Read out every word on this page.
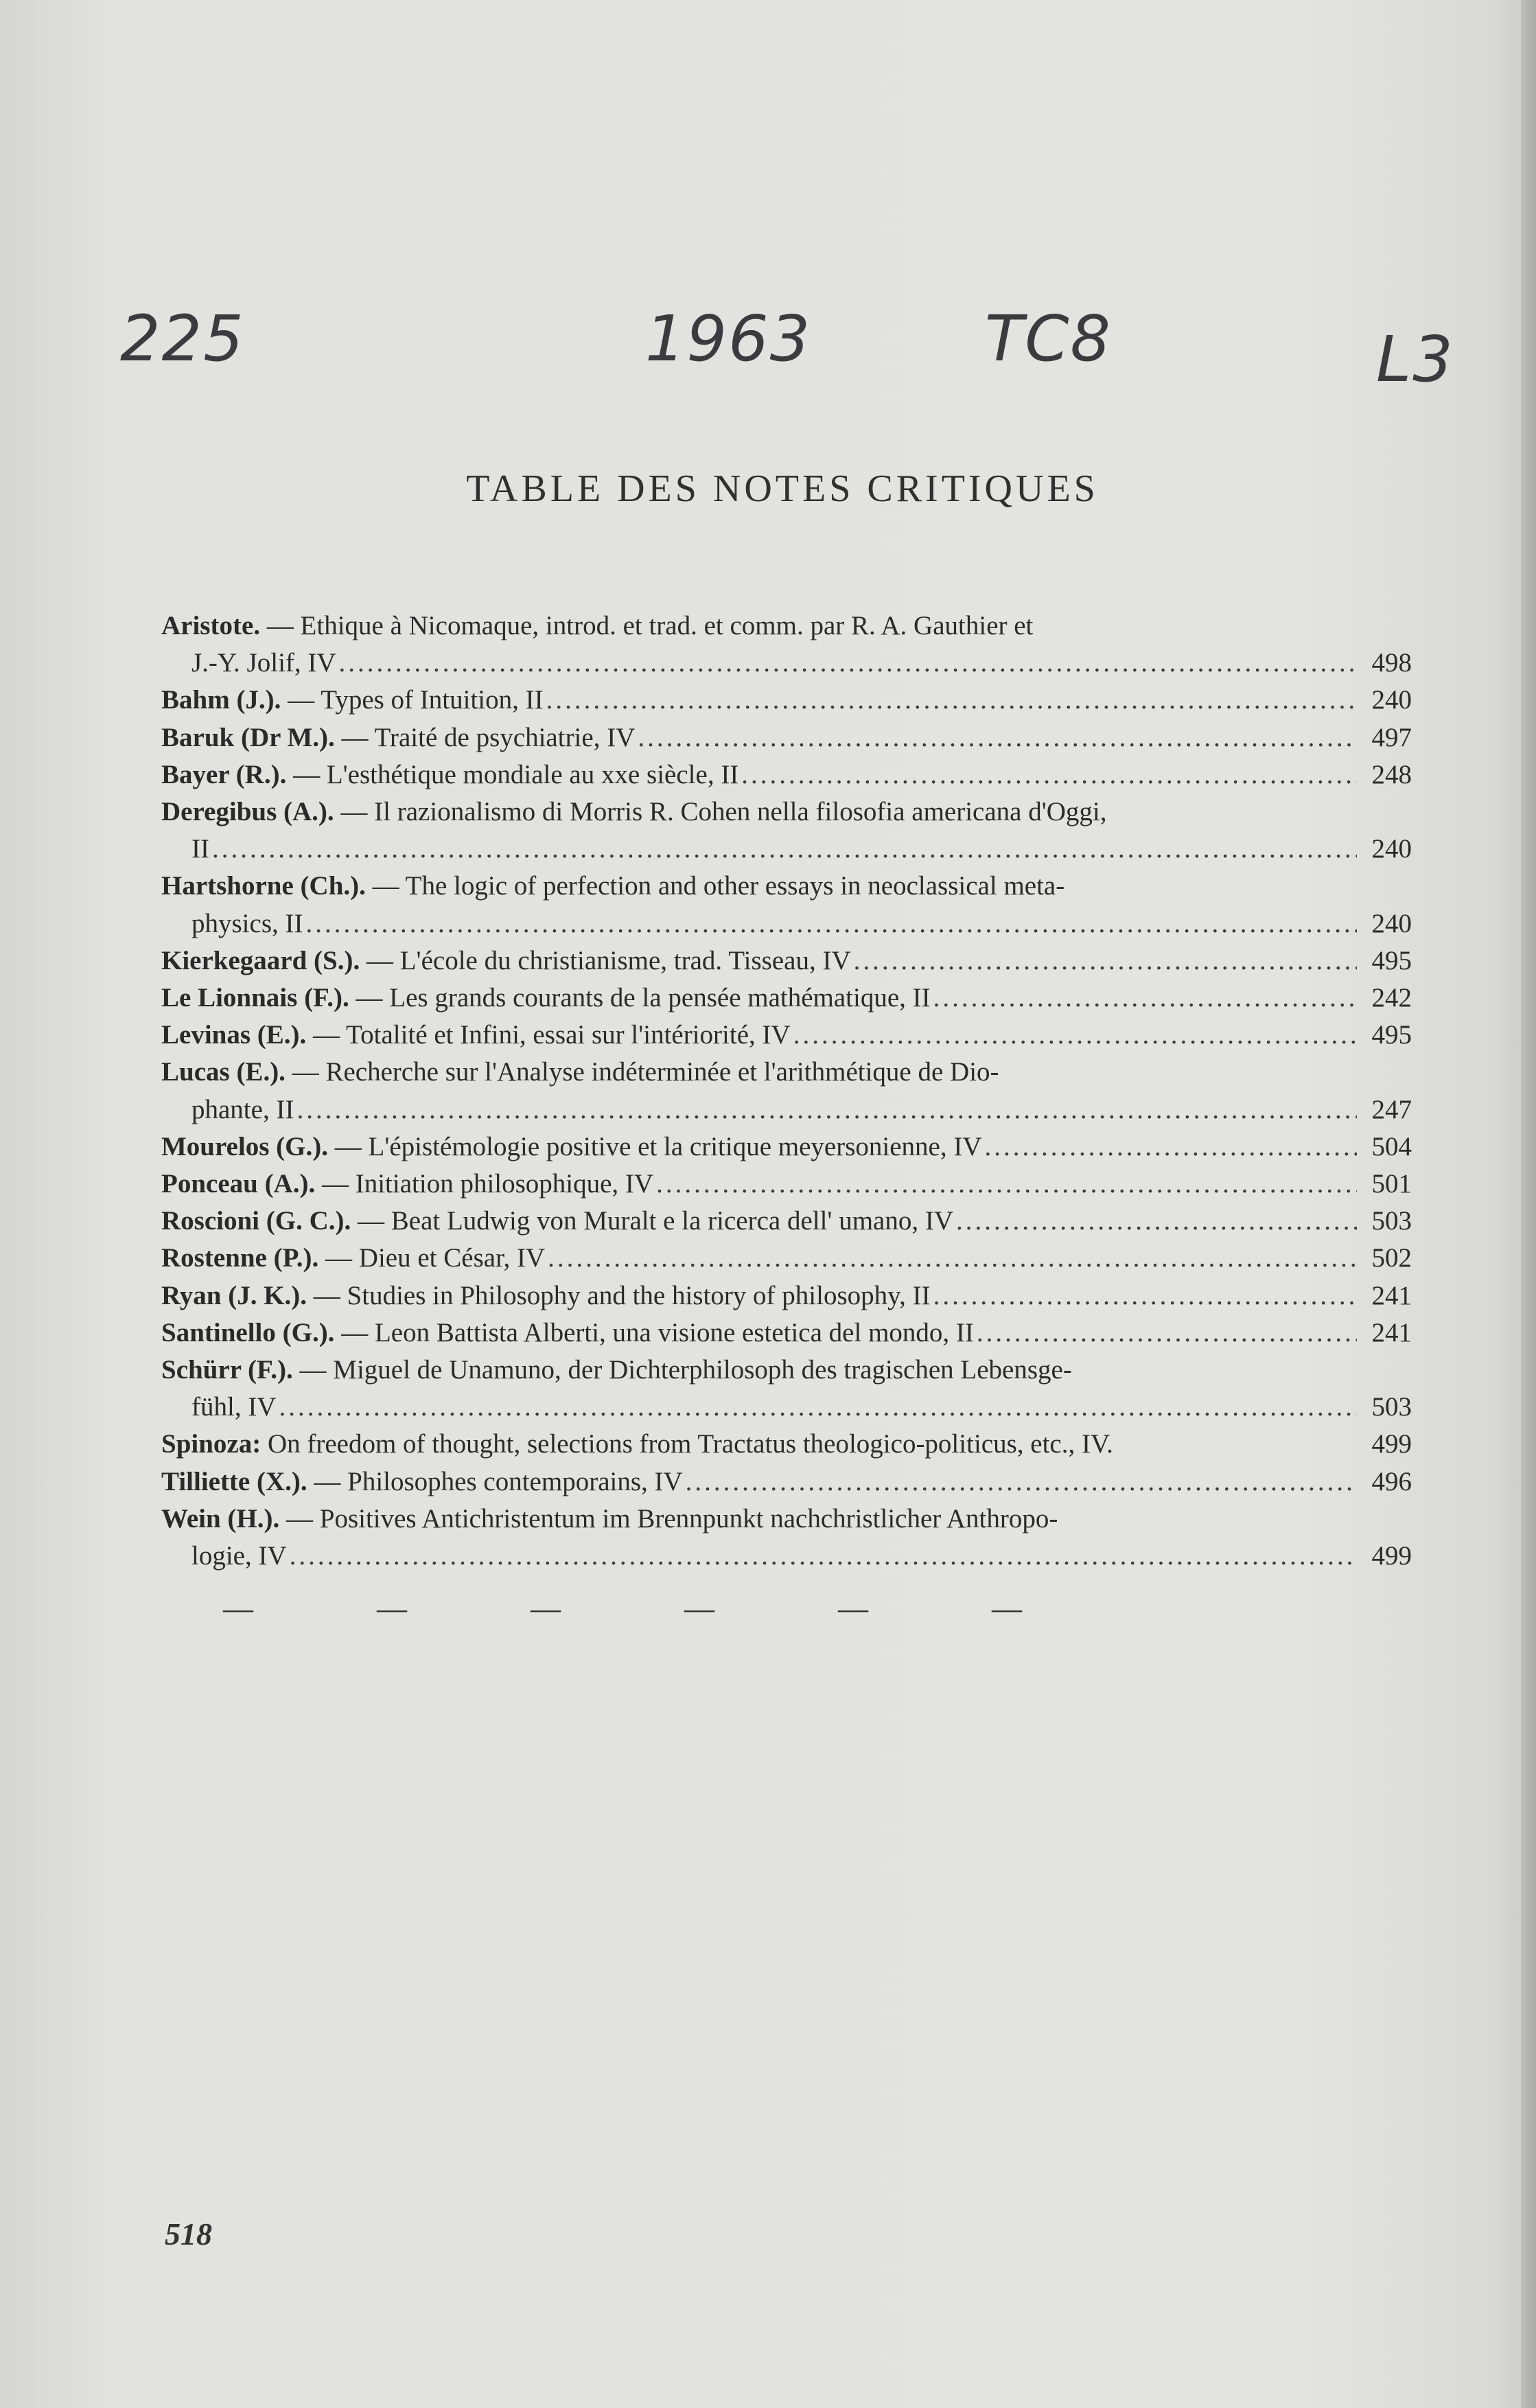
225	1963	TC8	L3
TABLE DES NOTES CRITIQUES
Aristote. — Ethique à Nicomaque, introd. et trad. et comm. par R. A. Gauthier et
J.-Y. Jolif, IV .....	498
Bahm (J.). — Types of Intuition, II .....	240
Baruk (Dr M.). — Traité de psychiatrie, IV .....	497
Bayer (R.). — L'esthétique mondiale au xxe siècle, II .....	248
Deregibus (A.). — Il razionalismo di Morris R. Cohen nella filosofia americana d'Oggi,
II .....	240
Hartshorne (Ch.). — The logic of perfection and other essays in neoclassical meta-
physics, II .....	240
Kierkegaard (S.). — L'école du christianisme, trad. Tisseau, IV .....	495
Le Lionnais (F.). — Les grands courants de la pensée mathématique, II .....	242
Levinas (E.). — Totalité et Infini, essai sur l'intériorité, IV .....	495
Lucas (E.). — Recherche sur l'Analyse indéterminée et l'arithmétique de Dio-
phante, II .....	247
Mourelos (G.). — L'épistémologie positive et la critique meyersonienne, IV .....	504
Ponceau (A.). — Initiation philosophique, IV .....	501
Roscioni (G. C.). — Beat Ludwig von Muralt e la ricerca dell' umano, IV .....	503
Rostenne (P.). — Dieu et César, IV .....	502
Ryan (J. K.). — Studies in Philosophy and the history of philosophy, II .....	241
Santinello (G.). — Leon Battista Alberti, una visione estetica del mondo, II .....	241
Schürr (F.). — Miguel de Unamuno, der Dichterphilosoph des tragischen Lebensge-
fühl, IV .....	503
Spinoza: On freedom of thought, selections from Tractatus theologico-politicus, etc., IV.	499
Tilliette (X.). — Philosophes contemporains, IV .....	496
Wein (H.). — Positives Antichristentum im Brennpunkt nachchristlicher Anthropo-
logie, IV .....	499
—	—	—	—	—	—
518
